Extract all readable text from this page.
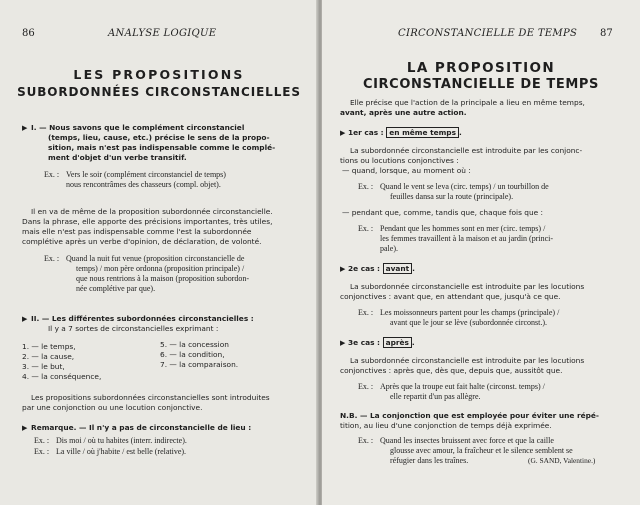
86	ANALYSE LOGIQUE
LES PROPOSITIONS
SUBORDONNÉES CIRCONSTANCIELLES
▶ I. — Nous savons que le complément circonstanciel
(temps, lieu, cause, etc.) précise le sens de la propo-
sition, mais n'est pas indispensable comme le complé-
ment d'objet d'un verbe transitif.
Ex. : Vers le soir (complément circonstanciel de temps)
nous rencontrâmes des chasseurs (compl. objet).
Il en va de même de la proposition subordonnée circonstancielle.
Dans la phrase, elle apporte des précisions importantes, très utiles,
mais elle n'est pas indispensable comme l'est la subordonnée
complétive après un verbe d'opinion, de déclaration, de volonté.
Ex. : Quand la nuit fut venue (proposition circonstancielle de
temps) / mon père ordonna (proposition principale) /
que nous rentrions à la maison (proposition subordon-
née complétive par que).
▶ II. — Les différentes subordonnées circonstancielles :
Il y a 7 sortes de circonstancielles exprimant :
1. — le temps,
2. — la cause,
3. — le but,
4. — la conséquence,
5. — la concession
6. — la condition,
7. — la comparaison.
Les propositions subordonnées circonstancielles sont introduites
par une conjonction ou une locution conjonctive.
▶ Remarque. — Il n'y a pas de circonstancielle de lieu :
Ex. : Dis moi / où tu habites (interr. indirecte).
Ex. : La ville / où j'habite / est belle (relative).
CIRCONSTANCIELLE DE TEMPS 87
LA PROPOSITION
CIRCONSTANCIELLE DE TEMPS
Elle précise que l'action de la principale a lieu en même temps,
avant, après une autre action.
▶ 1er cas : en même temps .
La subordonnée circonstancielle est introduite par les conjonc-
tions ou locutions conjonctives :
— quand, lorsque, au moment où :
Ex. : Quand le vent se leva (circ. temps) / un tourbillon de
feuilles dansa sur la route (principale).
— pendant que, comme, tandis que, chaque fois que :
Ex. : Pendant que les hommes sont en mer (circ. temps) /
les femmes travaillent à la maison et au jardin (princi-
pale).
▶ 2e cas : avant .
La subordonnée circonstancielle est introduite par les locutions
conjonctives : avant que, en attendant que, jusqu'à ce que.
Ex. : Les moissonneurs partent pour les champs (principale) /
avant que le jour se lève (subordonnée circonst.).
▶ 3e cas : après .
La subordonnée circonstancielle est introduite par les locutions
conjonctives : après que, dès que, depuis que, aussitôt que.
Ex. : Après que la troupe eut fait halte (circonst. temps) /
elle repartit d'un pas allègre.
N.B. — La conjonction que est employée pour éviter une répé-
tition, au lieu d'une conjonction de temps déjà exprimée.
Ex. : Quand les insectes bruissent avec force et que la caille
glousse avec amour, la fraîcheur et le silence semblent se
réfugier dans les traînes.	(G. SAND, Valentine.)
